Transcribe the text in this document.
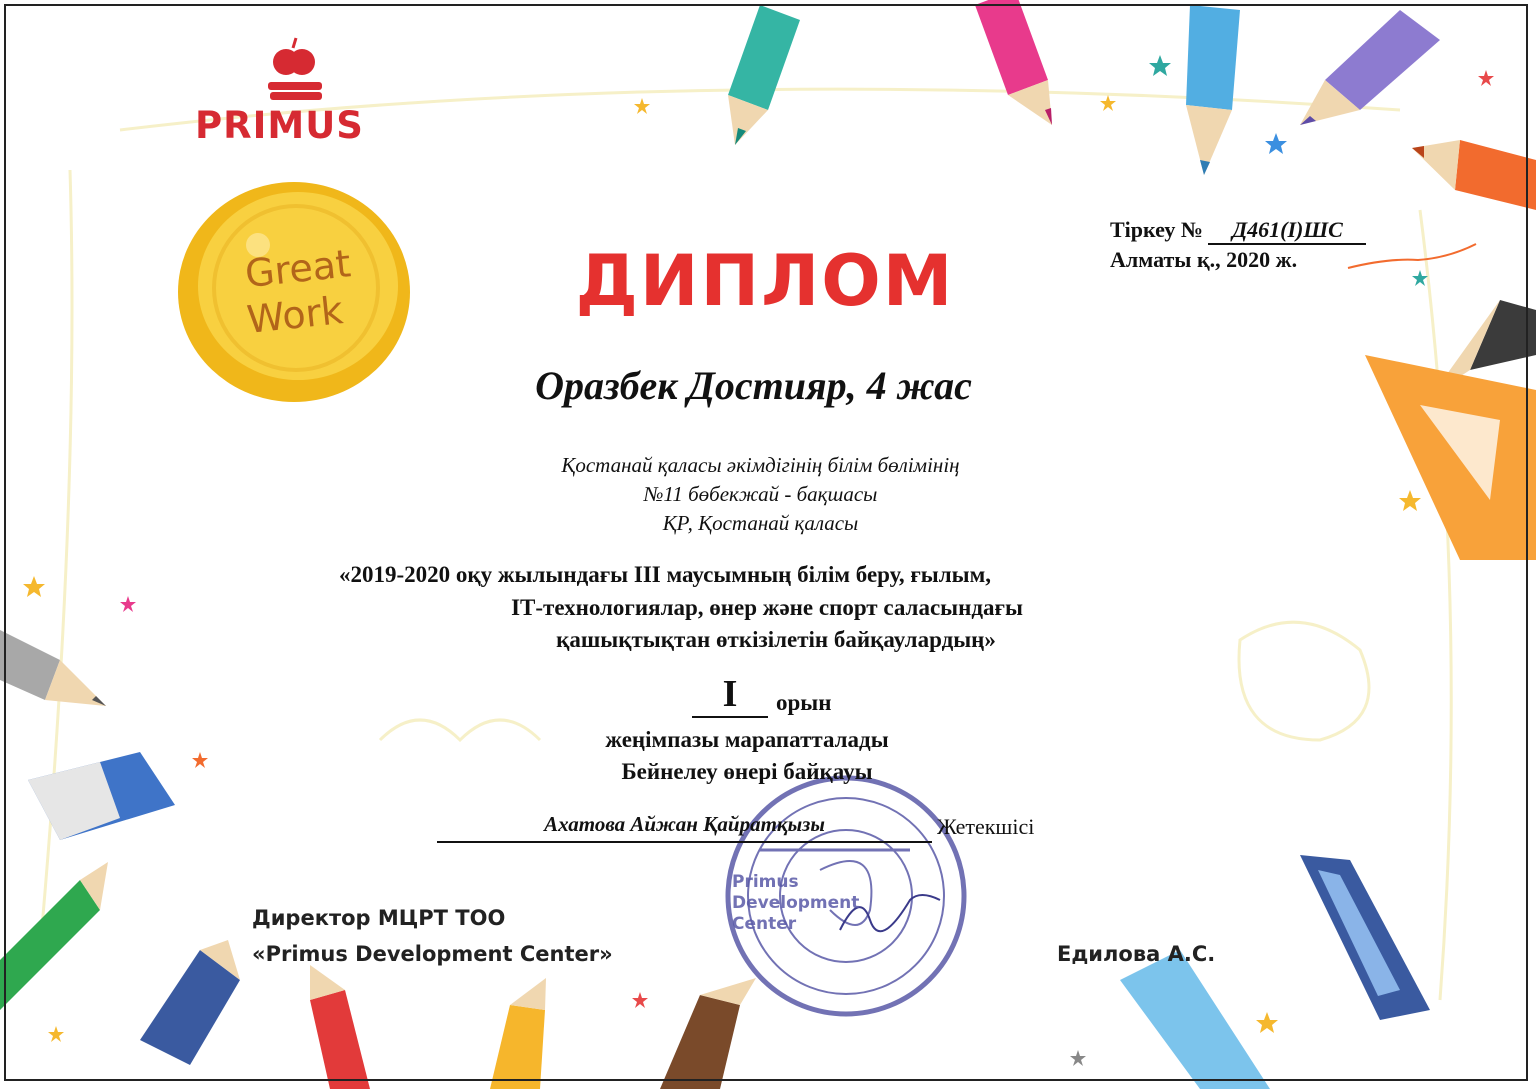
PRIMUS
Great
Work
Тіркеу № Д461(І)ШС
Алматы қ., 2020 ж.
ДИПЛОМ
Оразбек Достияр, 4 жас
Қостанай қаласы әкімдігінің білім бөлімінің
№11 бөбекжай - бақшасы
ҚР, Қостанай қаласы
«2019-2020 оқу жылындағы ІІІ маусымның білім беру, ғылым,
ІТ-технологиялар, өнер және спорт саласындағы
қашықтықтан өткізілетін байқаулардың»
I	орын
жеңімпазы марапатталады
Бейнелеу өнері байқауы
Ахатова Айжан Қайратқызы	Жетекшісі
Директор МЦРТ ТОО
«Primus Development Center»	Едилова А.С.
Primus
Development
Center
